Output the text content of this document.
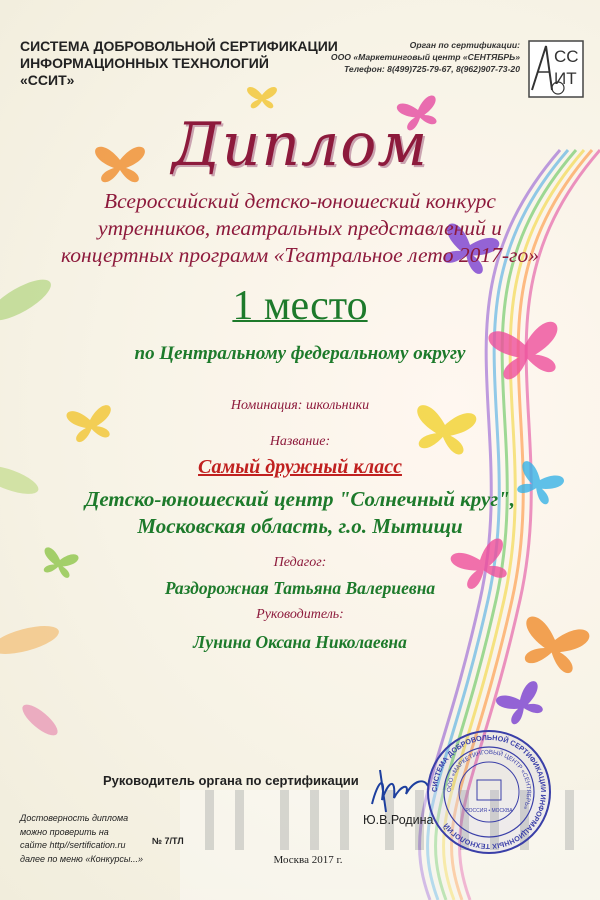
СИСТЕМА ДОБРОВОЛЬНОЙ СЕРТИФИКАЦИИ
ИНФОРМАЦИОННЫХ ТЕХНОЛОГИЙ
«ССИТ»
Орган по сертификации:
ООО «Маркетинговый центр «СЕНТЯБРЬ»
Телефон: 8(499)725-79-67, 8(962)907-73-20
СС
ИТ
Диплом
Всероссийский детско-юношеский конкурс
утренников, театральных представлений и
концертных программ «Театральное лето 2017-го»
1 место
по Центральному федеральному округу
Номинация: школьники
Название:
Самый дружный класс
Детско-юношеский центр "Солнечный круг",
Московская область, г.о. Мытищи
Педагог:
Раздорожная Татьяна Валериевна
Руководитель:
Лунина Оксана Николаевна
Руководитель органа по сертификации
Ю.В.Родина
Достоверность диплома
можно проверить на
сайте http//sertification.ru
далее по меню «Конкурсы...»
№ 7/ТЛ
Москва 2017 г.
СИСТЕМА ДОБРОВОЛЬНОЙ СЕРТИФИКАЦИИ ИНФОРМАЦИОННЫХ ТЕХНОЛОГИЙ
ООО «МАРКЕТИНГОВЫЙ ЦЕНТР «СЕНТЯБРЬ»
РОССИЯ • МОСКВА
